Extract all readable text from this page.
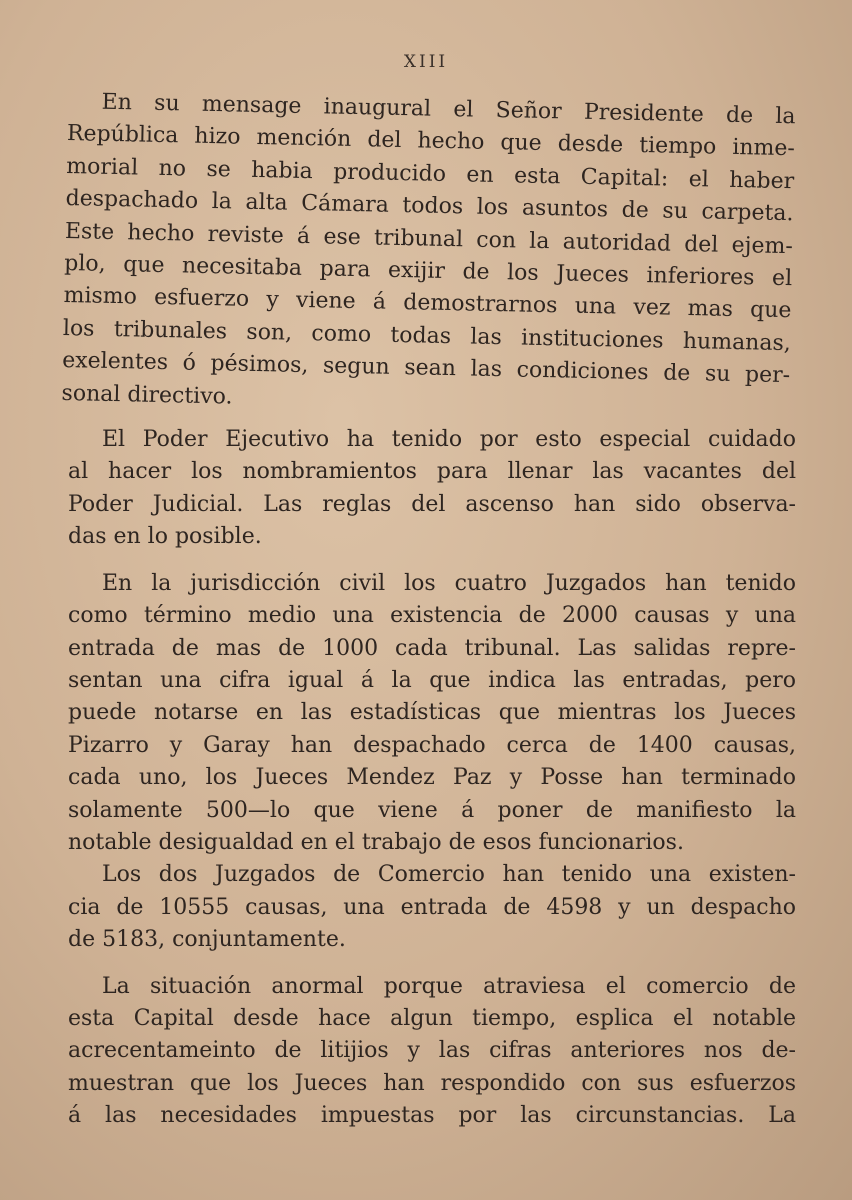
XIII
En su mensage inaugural el Señor Presidente de la
República hizo mención del hecho que desde tiempo inme-
morial no se habia producido en esta Capital: el haber
despachado la alta Cámara todos los asuntos de su carpeta.
Este hecho reviste á ese tribunal con la autoridad del ejem-
plo, que necesitaba para exijir de los Jueces inferiores el
mismo esfuerzo y viene á demostrarnos una vez mas que
los tribunales son, como todas las instituciones humanas,
exelentes ó pésimos, segun sean las condiciones de su per-
sonal directivo.
El Poder Ejecutivo ha tenido por esto especial cuidado
al hacer los nombramientos para llenar las vacantes del
Poder Judicial. Las reglas del ascenso han sido observa-
das en lo posible.
En la jurisdicción civil los cuatro Juzgados han tenido
como término medio una existencia de 2000 causas y una
entrada de mas de 1000 cada tribunal. Las salidas repre-
sentan una cifra igual á la que indica las entradas, pero
puede notarse en las estadísticas que mientras los Jueces
Pizarro y Garay han despachado cerca de 1400 causas,
cada uno, los Jueces Mendez Paz y Posse han terminado
solamente 500—lo que viene á poner de manifiesto la
notable desigualdad en el trabajo de esos funcionarios.
Los dos Juzgados de Comercio han tenido una existen-
cia de 10555 causas, una entrada de 4598 y un despacho
de 5183, conjuntamente.
La situación anormal porque atraviesa el comercio de
esta Capital desde hace algun tiempo, esplica el notable
acrecentameinto de litijios y las cifras anteriores nos de-
muestran que los Jueces han respondido con sus esfuerzos
á las necesidades impuestas por las circunstancias. La
